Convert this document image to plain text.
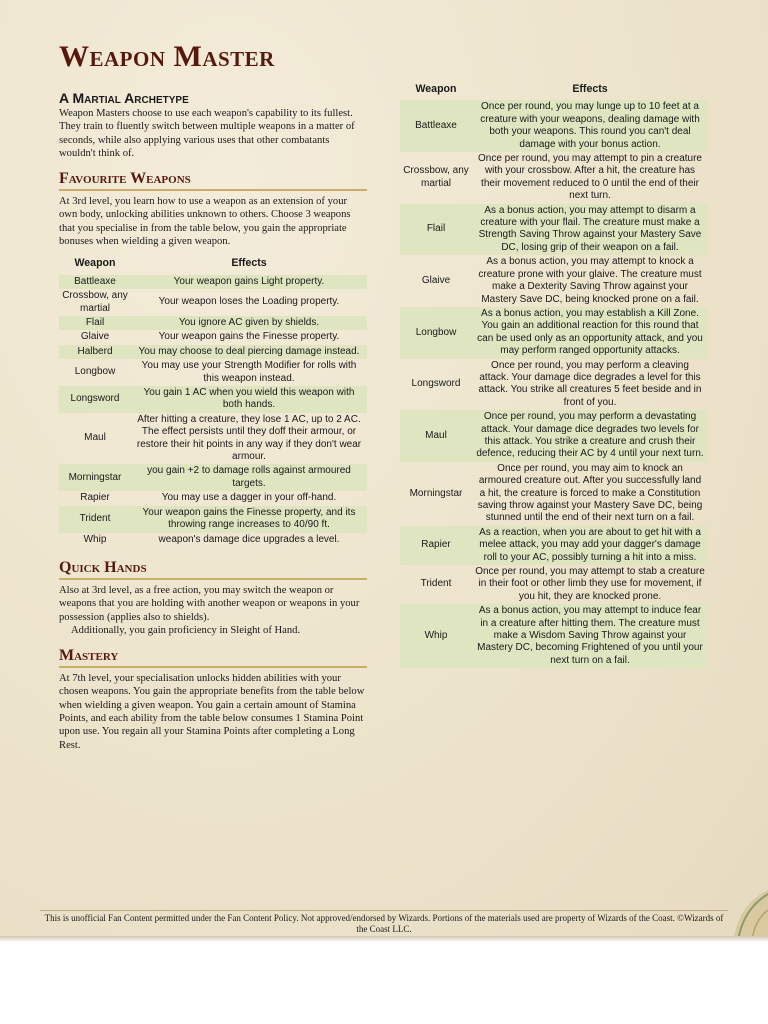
Weapon Master
A Martial Archetype

Weapon Masters choose to use each weapon's capability to its fullest. They train to fluently switch between multiple weapons in a matter of seconds, while also applying various uses that other combatants wouldn't think of.

Favourite Weapons

At 3rd level, you learn how to use a weapon as an extension of your own body, unlocking abilities unknown to others. Choose 3 weapons that you specialise in from the table below, you gain the appropriate bonuses when wielding a given weapon.

Weapon	Effects
Battleaxe	Your weapon gains Light property.
Crossbow, any martial	Your weapon loses the Loading property.
Flail	You ignore AC given by shields.
Glaive	Your weapon gains the Finesse property.
Halberd	You may choose to deal piercing damage instead.
Longbow	You may use your Strength Modifier for rolls with this weapon instead.
Longsword	You gain 1 AC when you wield this weapon with both hands.
Maul	After hitting a creature, they lose 1 AC, up to 2 AC. The effect persists until they doff their armour, or restore their hit points in any way if they don't wear armour.
Morningstar	you gain +2 to damage rolls against armoured targets.
Rapier	You may use a dagger in your off-hand.
Trident	Your weapon gains the Finesse property, and its throwing range increases to 40/90 ft.
Whip	weapon's damage dice upgrades a level.
Quick Hands

Also at 3rd level, as a free action, you may switch the weapon or weapons that you are holding with another weapon or weapons in your possession (applies also to shields).

Additionally, you gain proficiency in Sleight of Hand.

Mastery

At 7th level, your specialisation unlocks hidden abilities with your chosen weapons. You gain the appropriate benefits from the table below when wielding a given weapon. You gain a certain amount of Stamina Points, and each ability from the table below consumes 1 Stamina Point upon use. You regain all your Stamina Points after completing a Long Rest.

Weapon	Effects
Battleaxe	Once per round, you may lunge up to 10 feet at a creature with your weapons, dealing damage with both your weapons. This round you can't deal damage with your bonus action.
Crossbow, any martial	Once per round, you may attempt to pin a creature with your crossbow. After a hit, the creature has their movement reduced to 0 until the end of their next turn.
Flail	As a bonus action, you may attempt to disarm a creature with your flail. The creature must make a Strength Saving Throw against your Mastery Save DC, losing grip of their weapon on a fail.
Glaive	As a bonus action, you may attempt to knock a creature prone with your glaive. The creature must make a Dexterity Saving Throw against your Mastery Save DC, being knocked prone on a fail.
Longbow	As a bonus action, you may establish a Kill Zone. You gain an additional reaction for this round that can be used only as an opportunity attack, and you may perform ranged opportunity attacks.
Longsword	Once per round, you may perform a cleaving attack. Your damage dice degrades a level for this attack. You strike all creatures 5 feet beside and in front of you.
Maul	Once per round, you may perform a devastating attack. Your damage dice degrades two levels for this attack. You strike a creature and crush their defence, reducing their AC by 4 until your next turn.
Morningstar	Once per round, you may aim to knock an armoured creature out. After you successfully land a hit, the creature is forced to make a Constitution saving throw against your Mastery Save DC, being stunned until the end of their next turn on a fail.
Rapier	As a reaction, when you are about to get hit with a melee attack, you may add your dagger's damage roll to your AC, possibly turning a hit into a miss.
Trident	Once per round, you may attempt to stab a creature in their foot or other limb they use for movement, if you hit, they are knocked prone.
Whip	As a bonus action, you may attempt to induce fear in a creature after hitting them. The creature must make a Wisdom Saving Throw against your Mastery DC, becoming Frightened of you until your next turn on a fail.
This is unofficial Fan Content permitted under the Fan Content Policy. Not approved/endorsed by Wizards. Portions of the materials used are property of Wizards of the Coast. ©Wizards of the Coast LLC.
